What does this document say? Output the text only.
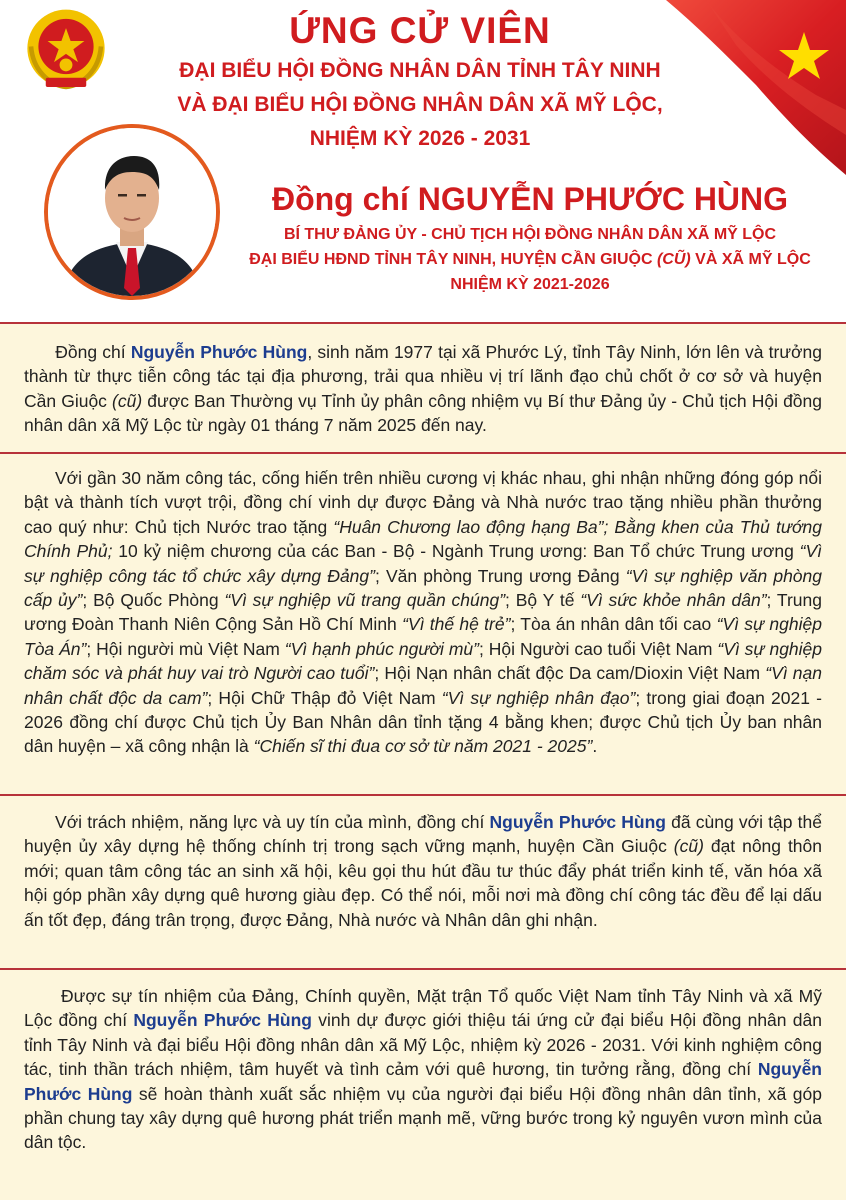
ỨNG CỬ VIÊN
ĐẠI BIỂU HỘI ĐỒNG NHÂN DÂN TỈNH TÂY NINH
VÀ ĐẠI BIỂU HỘI ĐỒNG NHÂN DÂN XÃ MỸ LỘC,
NHIỆM KỲ 2026 - 2031
Đồng chí NGUYỄN PHƯỚC HÙNG
BÍ THƯ ĐẢNG ỦY - CHỦ TỊCH HỘI ĐỒNG NHÂN DÂN XÃ MỸ LỘC
ĐẠI BIỂU HĐND TỈNH TÂY NINH, HUYỆN CẦN GIUỘC (CŨ) VÀ XÃ MỸ LỘC
NHIỆM KỲ 2021-2026

Đồng chí Nguyễn Phước Hùng, sinh năm 1977 tại xã Phước Lý, tỉnh Tây Ninh, lớn lên và trưởng thành từ thực tiễn công tác tại địa phương, trải qua nhiều vị trí lãnh đạo chủ chốt ở cơ sở và huyện Cần Giuộc (cũ) được Ban Thường vụ Tỉnh ủy phân công nhiệm vụ Bí thư Đảng ủy - Chủ tịch Hội đồng nhân dân xã Mỹ Lộc từ ngày 01 tháng 7 năm 2025 đến nay.

Với gần 30 năm công tác, cống hiến trên nhiều cương vị khác nhau, ghi nhận những đóng góp nổi bật và thành tích vượt trội, đồng chí vinh dự được Đảng và Nhà nước trao tặng nhiều phần thưởng cao quý như: Chủ tịch Nước trao tặng “Huân Chương lao động hạng Ba”; Bằng khen của Thủ tướng Chính Phủ; 10 kỷ niệm chương của các Ban - Bộ - Ngành Trung ương: Ban Tổ chức Trung ương “Vì sự nghiệp công tác tổ chức xây dựng Đảng”; Văn phòng Trung ương Đảng “Vì sự nghiệp văn phòng cấp ủy”; Bộ Quốc Phòng “Vì sự nghiệp vũ trang quần chúng”; Bộ Y tế “Vì sức khỏe nhân dân”; Trung ương Đoàn Thanh Niên Cộng Sản Hồ Chí Minh “Vì thế hệ trẻ”; Tòa án nhân dân tối cao “Vì sự nghiệp Tòa Án”; Hội người mù Việt Nam “Vì hạnh phúc người mù”; Hội Người cao tuổi Việt Nam “Vì sự nghiệp chăm sóc và phát huy vai trò Người cao tuổi”; Hội Nạn nhân chất độc Da cam/Dioxin Việt Nam “Vì nạn nhân chất độc da cam”; Hội Chữ Thập đỏ Việt Nam “Vì sự nghiệp nhân đạo”; trong giai đoạn 2021 - 2026 đồng chí được Chủ tịch Ủy Ban Nhân dân tỉnh tặng 4 bằng khen; được Chủ tịch Ủy ban nhân dân huyện – xã công nhận là “Chiến sĩ thi đua cơ sở từ năm 2021 - 2025”.

Với trách nhiệm, năng lực và uy tín của mình, đồng chí Nguyễn Phước Hùng đã cùng với tập thể huyện ủy xây dựng hệ thống chính trị trong sạch vững mạnh, huyện Cần Giuộc (cũ) đạt nông thôn mới; quan tâm công tác an sinh xã hội, kêu gọi thu hút đầu tư thúc đẩy phát triển kinh tế, văn hóa xã hội góp phần xây dựng quê hương giàu đẹp. Có thể nói, mỗi nơi mà đồng chí công tác đều để lại dấu ấn tốt đẹp, đáng trân trọng, được Đảng, Nhà nước và Nhân dân ghi nhận.

Được sự tín nhiệm của Đảng, Chính quyền, Mặt trận Tổ quốc Việt Nam tỉnh Tây Ninh và xã Mỹ Lộc đồng chí Nguyễn Phước Hùng vinh dự được giới thiệu tái ứng cử đại biểu Hội đồng nhân dân tỉnh Tây Ninh và đại biểu Hội đồng nhân dân xã Mỹ Lộc, nhiệm kỳ 2026 - 2031. Với kinh nghiệm công tác, tinh thần trách nhiệm, tâm huyết và tình cảm với quê hương, tin tưởng rằng, đồng chí Nguyễn Phước Hùng sẽ hoàn thành xuất sắc nhiệm vụ của người đại biểu Hội đồng nhân dân tỉnh, xã góp phần chung tay xây dựng quê hương phát triển mạnh mẽ, vững bước trong kỷ nguyên vươn mình của dân tộc.
